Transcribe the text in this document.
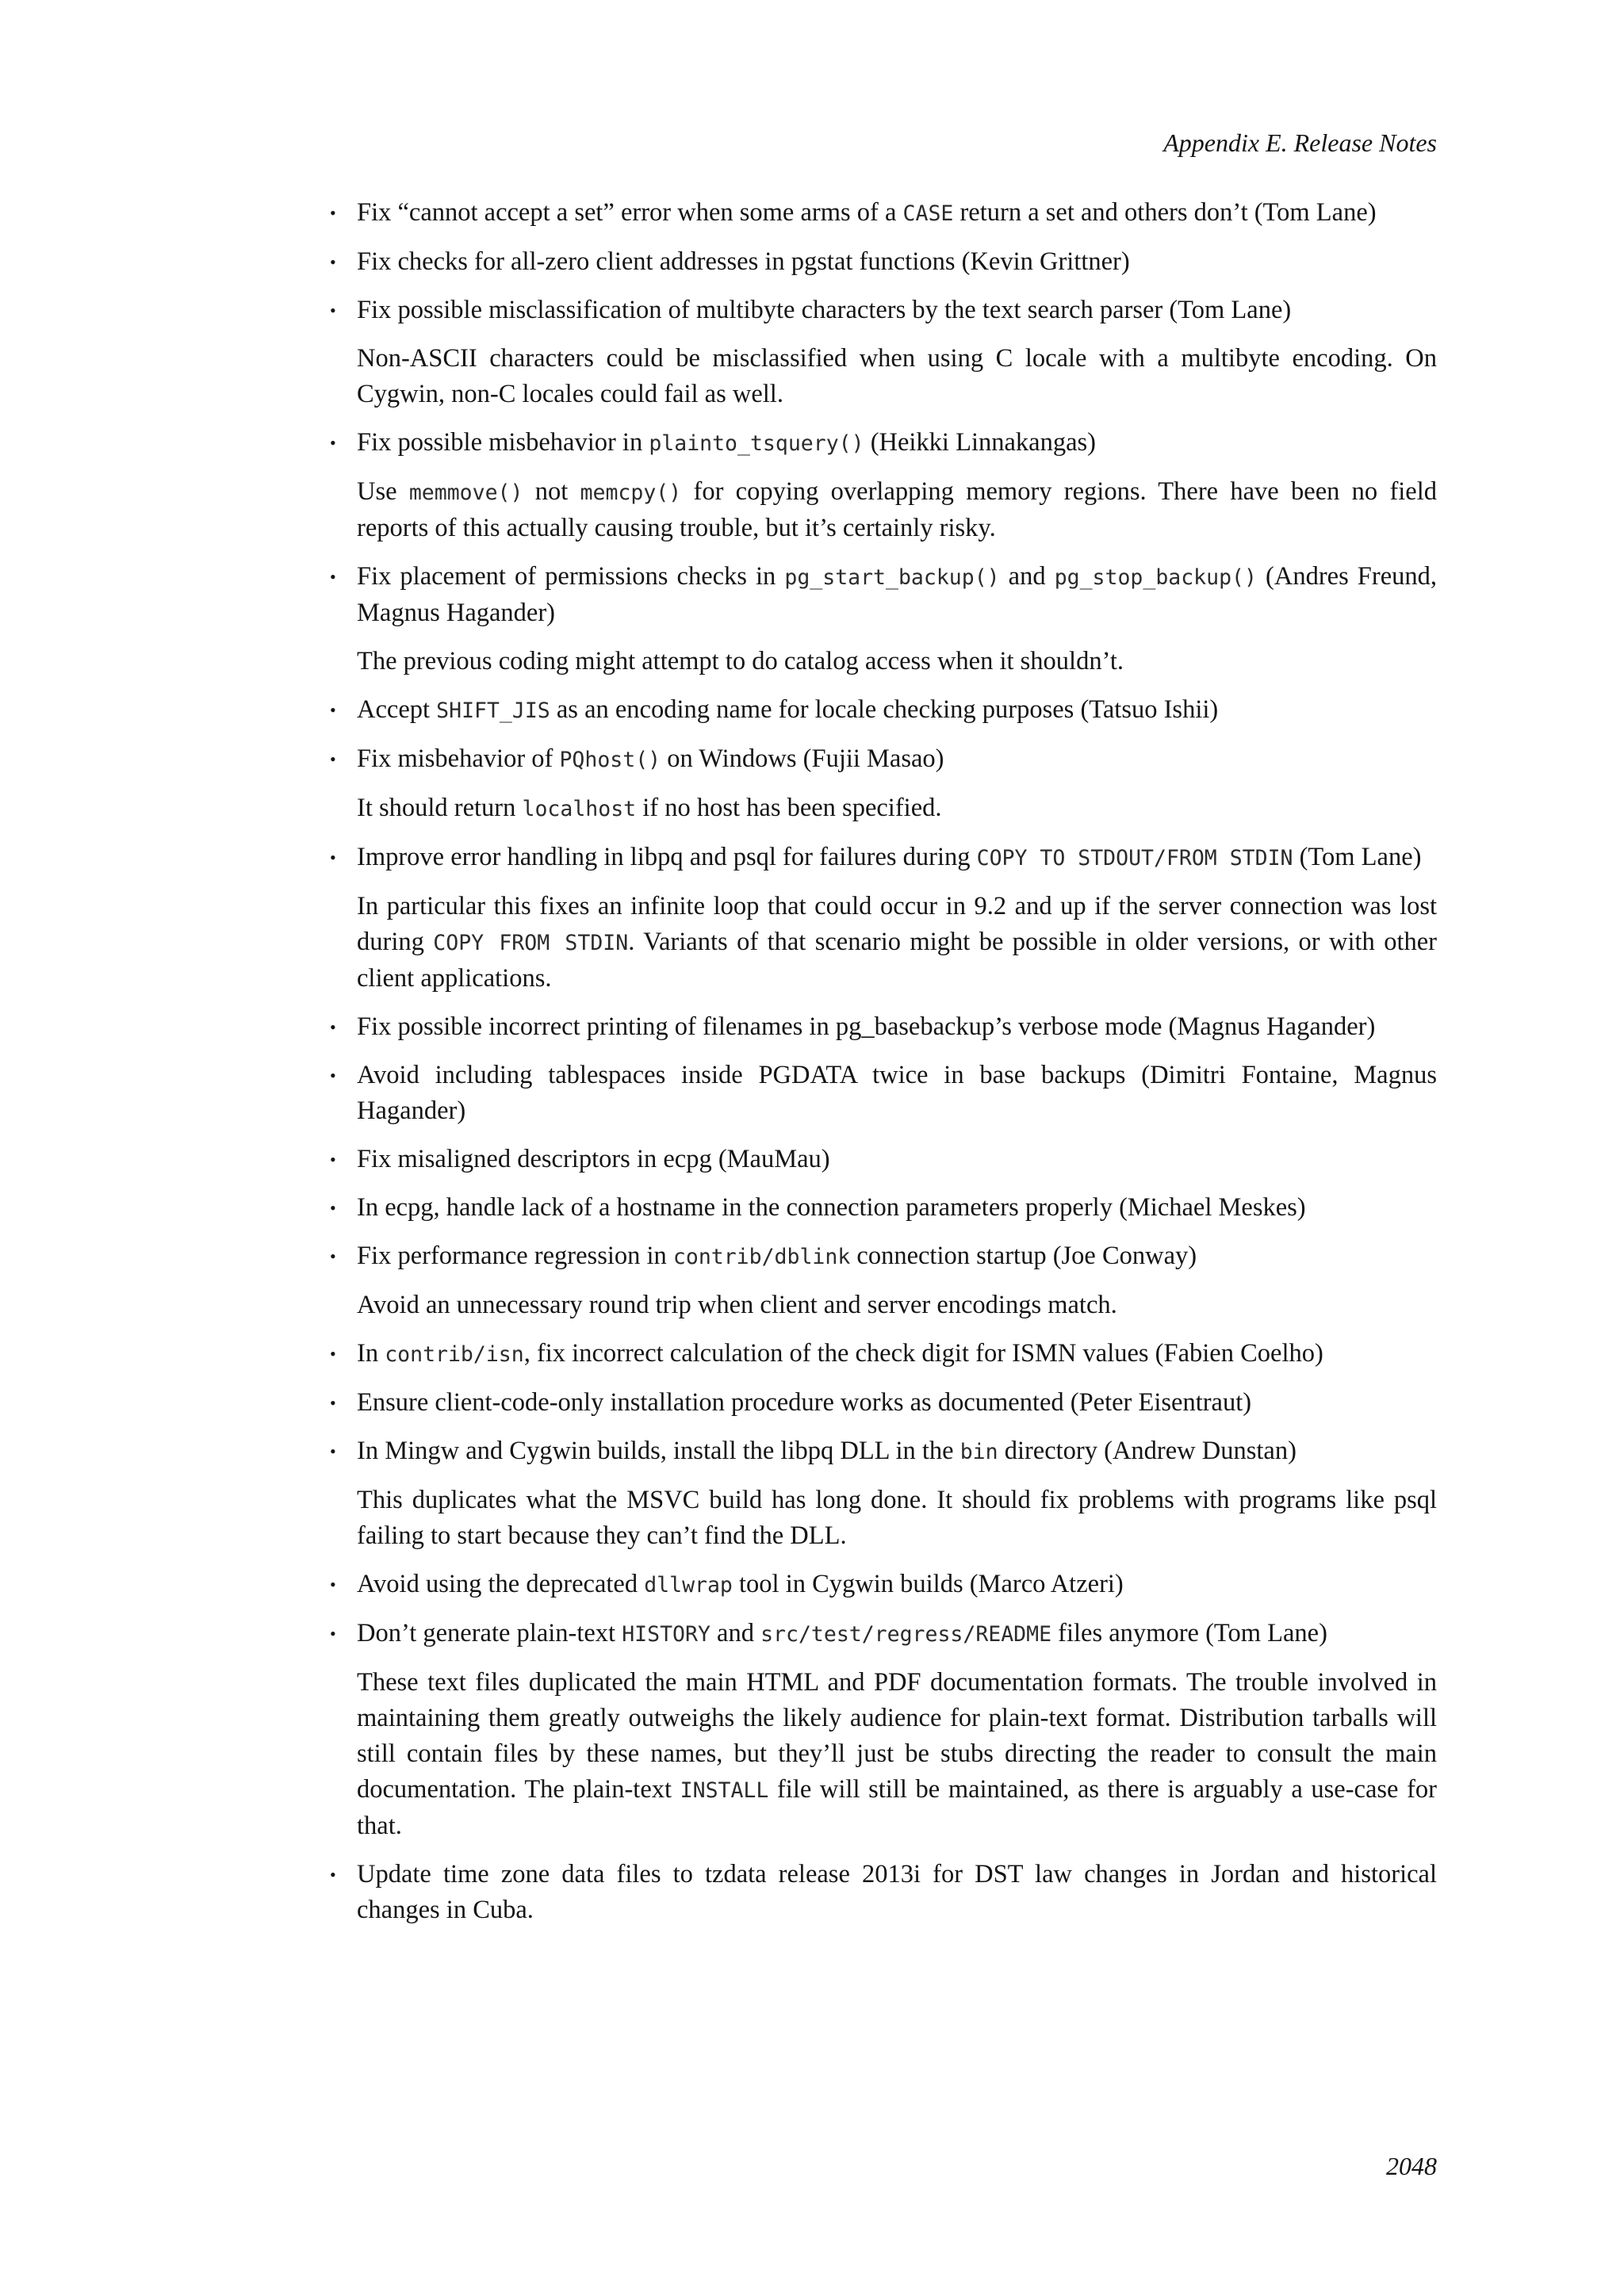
Appendix E. Release Notes
• Fix “cannot accept a set” error when some arms of a CASE return a set and others don’t (Tom Lane)

• Fix checks for all-zero client addresses in pgstat functions (Kevin Grittner)

• Fix possible misclassification of multibyte characters by the text search parser (Tom Lane)

Non-ASCII characters could be misclassified when using C locale with a multibyte encoding. On Cygwin, non-C locales could fail as well.

• Fix possible misbehavior in plainto_tsquery() (Heikki Linnakangas)

Use memmove() not memcpy() for copying overlapping memory regions. There have been no field reports of this actually causing trouble, but it’s certainly risky.

• Fix placement of permissions checks in pg_start_backup() and pg_stop_backup() (Andres Freund, Magnus Hagander)

The previous coding might attempt to do catalog access when it shouldn’t.

• Accept SHIFT_JIS as an encoding name for locale checking purposes (Tatsuo Ishii)

• Fix misbehavior of PQhost() on Windows (Fujii Masao)

It should return localhost if no host has been specified.

• Improve error handling in libpq and psql for failures during COPY TO STDOUT/FROM STDIN (Tom Lane)

In particular this fixes an infinite loop that could occur in 9.2 and up if the server connection was lost during COPY FROM STDIN. Variants of that scenario might be possible in older versions, or with other client applications.

• Fix possible incorrect printing of filenames in pg_basebackup’s verbose mode (Magnus Hagander)

• Avoid including tablespaces inside PGDATA twice in base backups (Dimitri Fontaine, Magnus Hagander)

• Fix misaligned descriptors in ecpg (MauMau)

• In ecpg, handle lack of a hostname in the connection parameters properly (Michael Meskes)

• Fix performance regression in contrib/dblink connection startup (Joe Conway)

Avoid an unnecessary round trip when client and server encodings match.

• In contrib/isn, fix incorrect calculation of the check digit for ISMN values (Fabien Coelho)

• Ensure client-code-only installation procedure works as documented (Peter Eisentraut)

• In Mingw and Cygwin builds, install the libpq DLL in the bin directory (Andrew Dunstan)

This duplicates what the MSVC build has long done. It should fix problems with programs like psql failing to start because they can’t find the DLL.

• Avoid using the deprecated dllwrap tool in Cygwin builds (Marco Atzeri)

• Don’t generate plain-text HISTORY and src/test/regress/README files anymore (Tom Lane)

These text files duplicated the main HTML and PDF documentation formats. The trouble involved in maintaining them greatly outweighs the likely audience for plain-text format. Distribution tarballs will still contain files by these names, but they’ll just be stubs directing the reader to consult the main documentation. The plain-text INSTALL file will still be maintained, as there is arguably a use-case for that.

• Update time zone data files to tzdata release 2013i for DST law changes in Jordan and historical changes in Cuba.

2048
